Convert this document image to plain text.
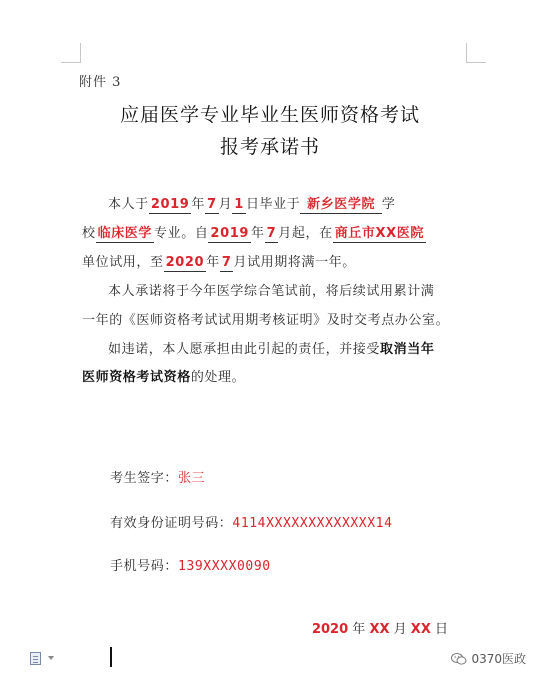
附件 3
应届医学专业毕业生医师资格考试
报考承诺书
本人于 2019 年 7 月 1 日毕业于 新乡医学院 学
校 临床医学 专业。自 2019 年 7 月起，在 商丘市XX医院
单位试用，至 2020 年 7 月试用期将满一年。
本人承诺将于今年医学综合笔试前，将后续试用累计满
一年的《医师资格考试试用期考核证明》及时交考点办公室。
如违诺，本人愿承担由此引起的责任，并接受取消当年
医师资格考试资格的处理。
考生签字：张三
有效身份证明号码：4114XXXXXXXXXXXXX14
手机号码：139XXXX0090
2020 年 XX 月 XX 日
0370医政
